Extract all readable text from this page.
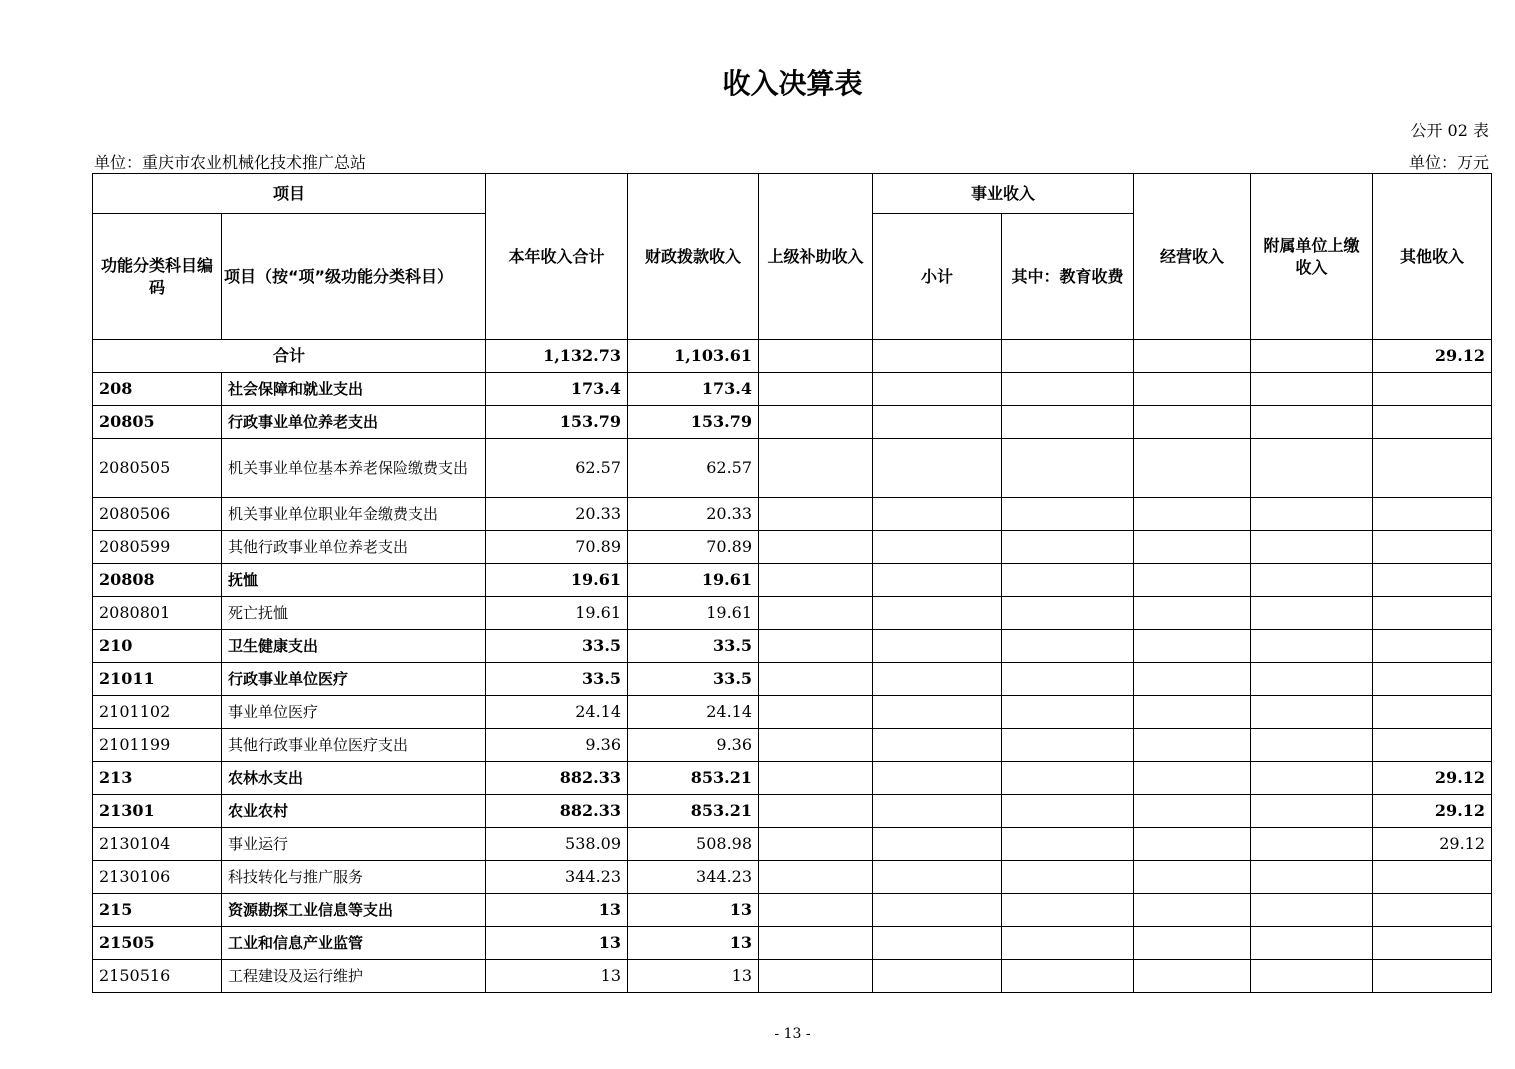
收入决算表
公开 02 表
单位：重庆市农业机械化技术推广总站	单位：万元
项目		本年收入合计	财政拨款收入	上级补助收入	事业收入		经营收入	附属单位上缴收入	其他收入
功能分类科目编码	项目（按“项”级功能分类科目）				小计	其中：教育收费			
合计		1,132.73	1,103.61						29.12
208	社会保障和就业支出	173.4	173.4						
20805	行政事业单位养老支出	153.79	153.79						
2080505	机关事业单位基本养老保险缴费支出	62.57	62.57						
2080506	机关事业单位职业年金缴费支出	20.33	20.33						
2080599	其他行政事业单位养老支出	70.89	70.89						
20808	抚恤	19.61	19.61						
2080801	死亡抚恤	19.61	19.61						
210	卫生健康支出	33.5	33.5						
21011	行政事业单位医疗	33.5	33.5						
2101102	事业单位医疗	24.14	24.14						
2101199	其他行政事业单位医疗支出	9.36	9.36						
213	农林水支出	882.33	853.21						29.12
21301	农业农村	882.33	853.21						29.12
2130104	事业运行	538.09	508.98						29.12
2130106	科技转化与推广服务	344.23	344.23						
215	资源勘探工业信息等支出	13	13						
21505	工业和信息产业监管	13	13						
2150516	工程建设及运行维护	13	13						
- 13 -
